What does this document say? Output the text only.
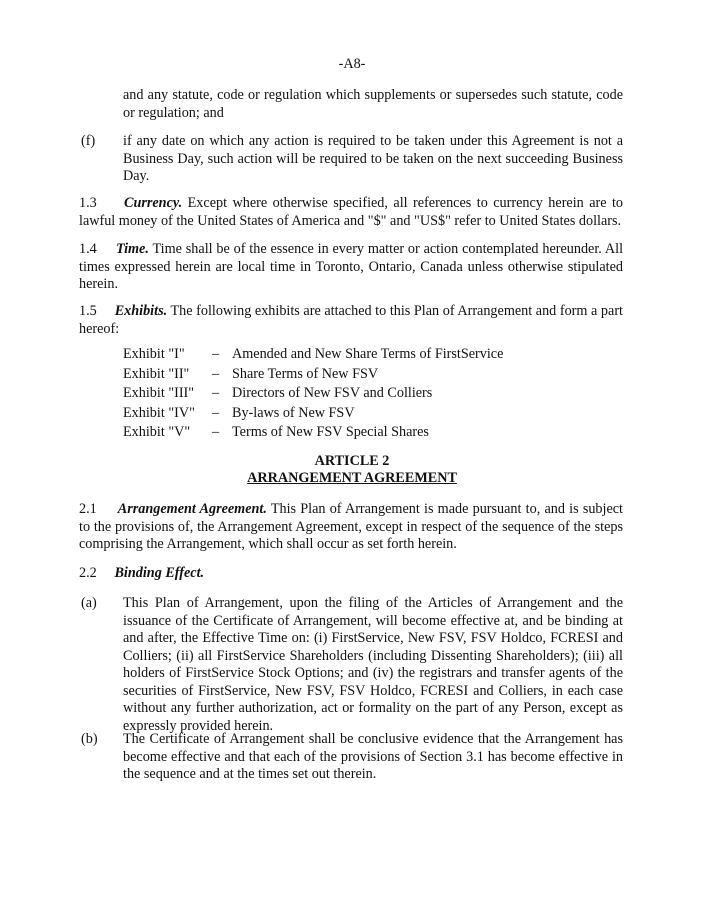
-A8-
and any statute, code or regulation which supplements or supersedes such statute, code or regulation; and
(f) if any date on which any action is required to be taken under this Agreement is not a Business Day, such action will be required to be taken on the next succeeding Business Day.
1.3 Currency. Except where otherwise specified, all references to currency herein are to lawful money of the United States of America and "$" and "US$" refer to United States dollars.
1.4 Time. Time shall be of the essence in every matter or action contemplated hereunder. All times expressed herein are local time in Toronto, Ontario, Canada unless otherwise stipulated herein.
1.5 Exhibits. The following exhibits are attached to this Plan of Arrangement and form a part hereof:
Exhibit "I" – Amended and New Share Terms of FirstService
Exhibit "II" – Share Terms of New FSV
Exhibit "III" – Directors of New FSV and Colliers
Exhibit "IV" – By-laws of New FSV
Exhibit "V" – Terms of New FSV Special Shares
ARTICLE 2
ARRANGEMENT AGREEMENT
2.1 Arrangement Agreement. This Plan of Arrangement is made pursuant to, and is subject to the provisions of, the Arrangement Agreement, except in respect of the sequence of the steps comprising the Arrangement, which shall occur as set forth herein.
2.2 Binding Effect.
(a) This Plan of Arrangement, upon the filing of the Articles of Arrangement and the issuance of the Certificate of Arrangement, will become effective at, and be binding at and after, the Effective Time on: (i) FirstService, New FSV, FSV Holdco, FCRESI and Colliers; (ii) all FirstService Shareholders (including Dissenting Shareholders); (iii) all holders of FirstService Stock Options; and (iv) the registrars and transfer agents of the securities of FirstService, New FSV, FSV Holdco, FCRESI and Colliers, in each case without any further authorization, act or formality on the part of any Person, except as expressly provided herein.
(b) The Certificate of Arrangement shall be conclusive evidence that the Arrangement has become effective and that each of the provisions of Section 3.1 has become effective in the sequence and at the times set out therein.
